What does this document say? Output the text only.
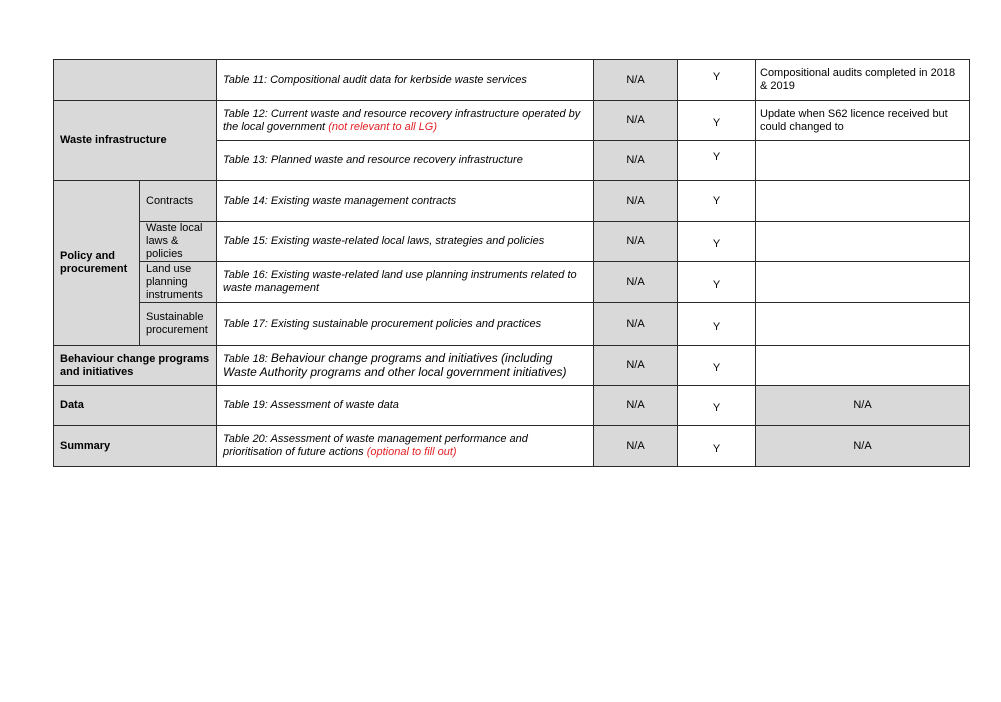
		Table 11: Compositional audit data for kerbside waste services	N/A	Y	Compositional audits completed in 2018 & 2019
Waste infrastructure		Table 12: Current waste and resource recovery infrastructure operated by the local government (not relevant to all LG)	N/A	Y	Update when S62 licence received but could changed to
		Table 13: Planned waste and resource recovery infrastructure	N/A	Y	
Policy and procurement	Contracts	Table 14: Existing waste management contracts	N/A	Y	
	Waste local laws & policies	Table 15: Existing waste-related local laws, strategies and policies	N/A	Y	
	Land use planning instruments	Table 16: Existing waste-related land use planning instruments related to waste management	N/A	Y	
	Sustainable procurement	Table 17: Existing sustainable procurement policies and practices	N/A	Y	
Behaviour change programs and initiatives		Table 18: Behaviour change programs and initiatives (including Waste Authority programs and other local government initiatives)	N/A	Y	
Data		Table 19: Assessment of waste data	N/A	Y	N/A
Summary		Table 20: Assessment of waste management performance and prioritisation of future actions (optional to fill out)	N/A	Y	N/A
